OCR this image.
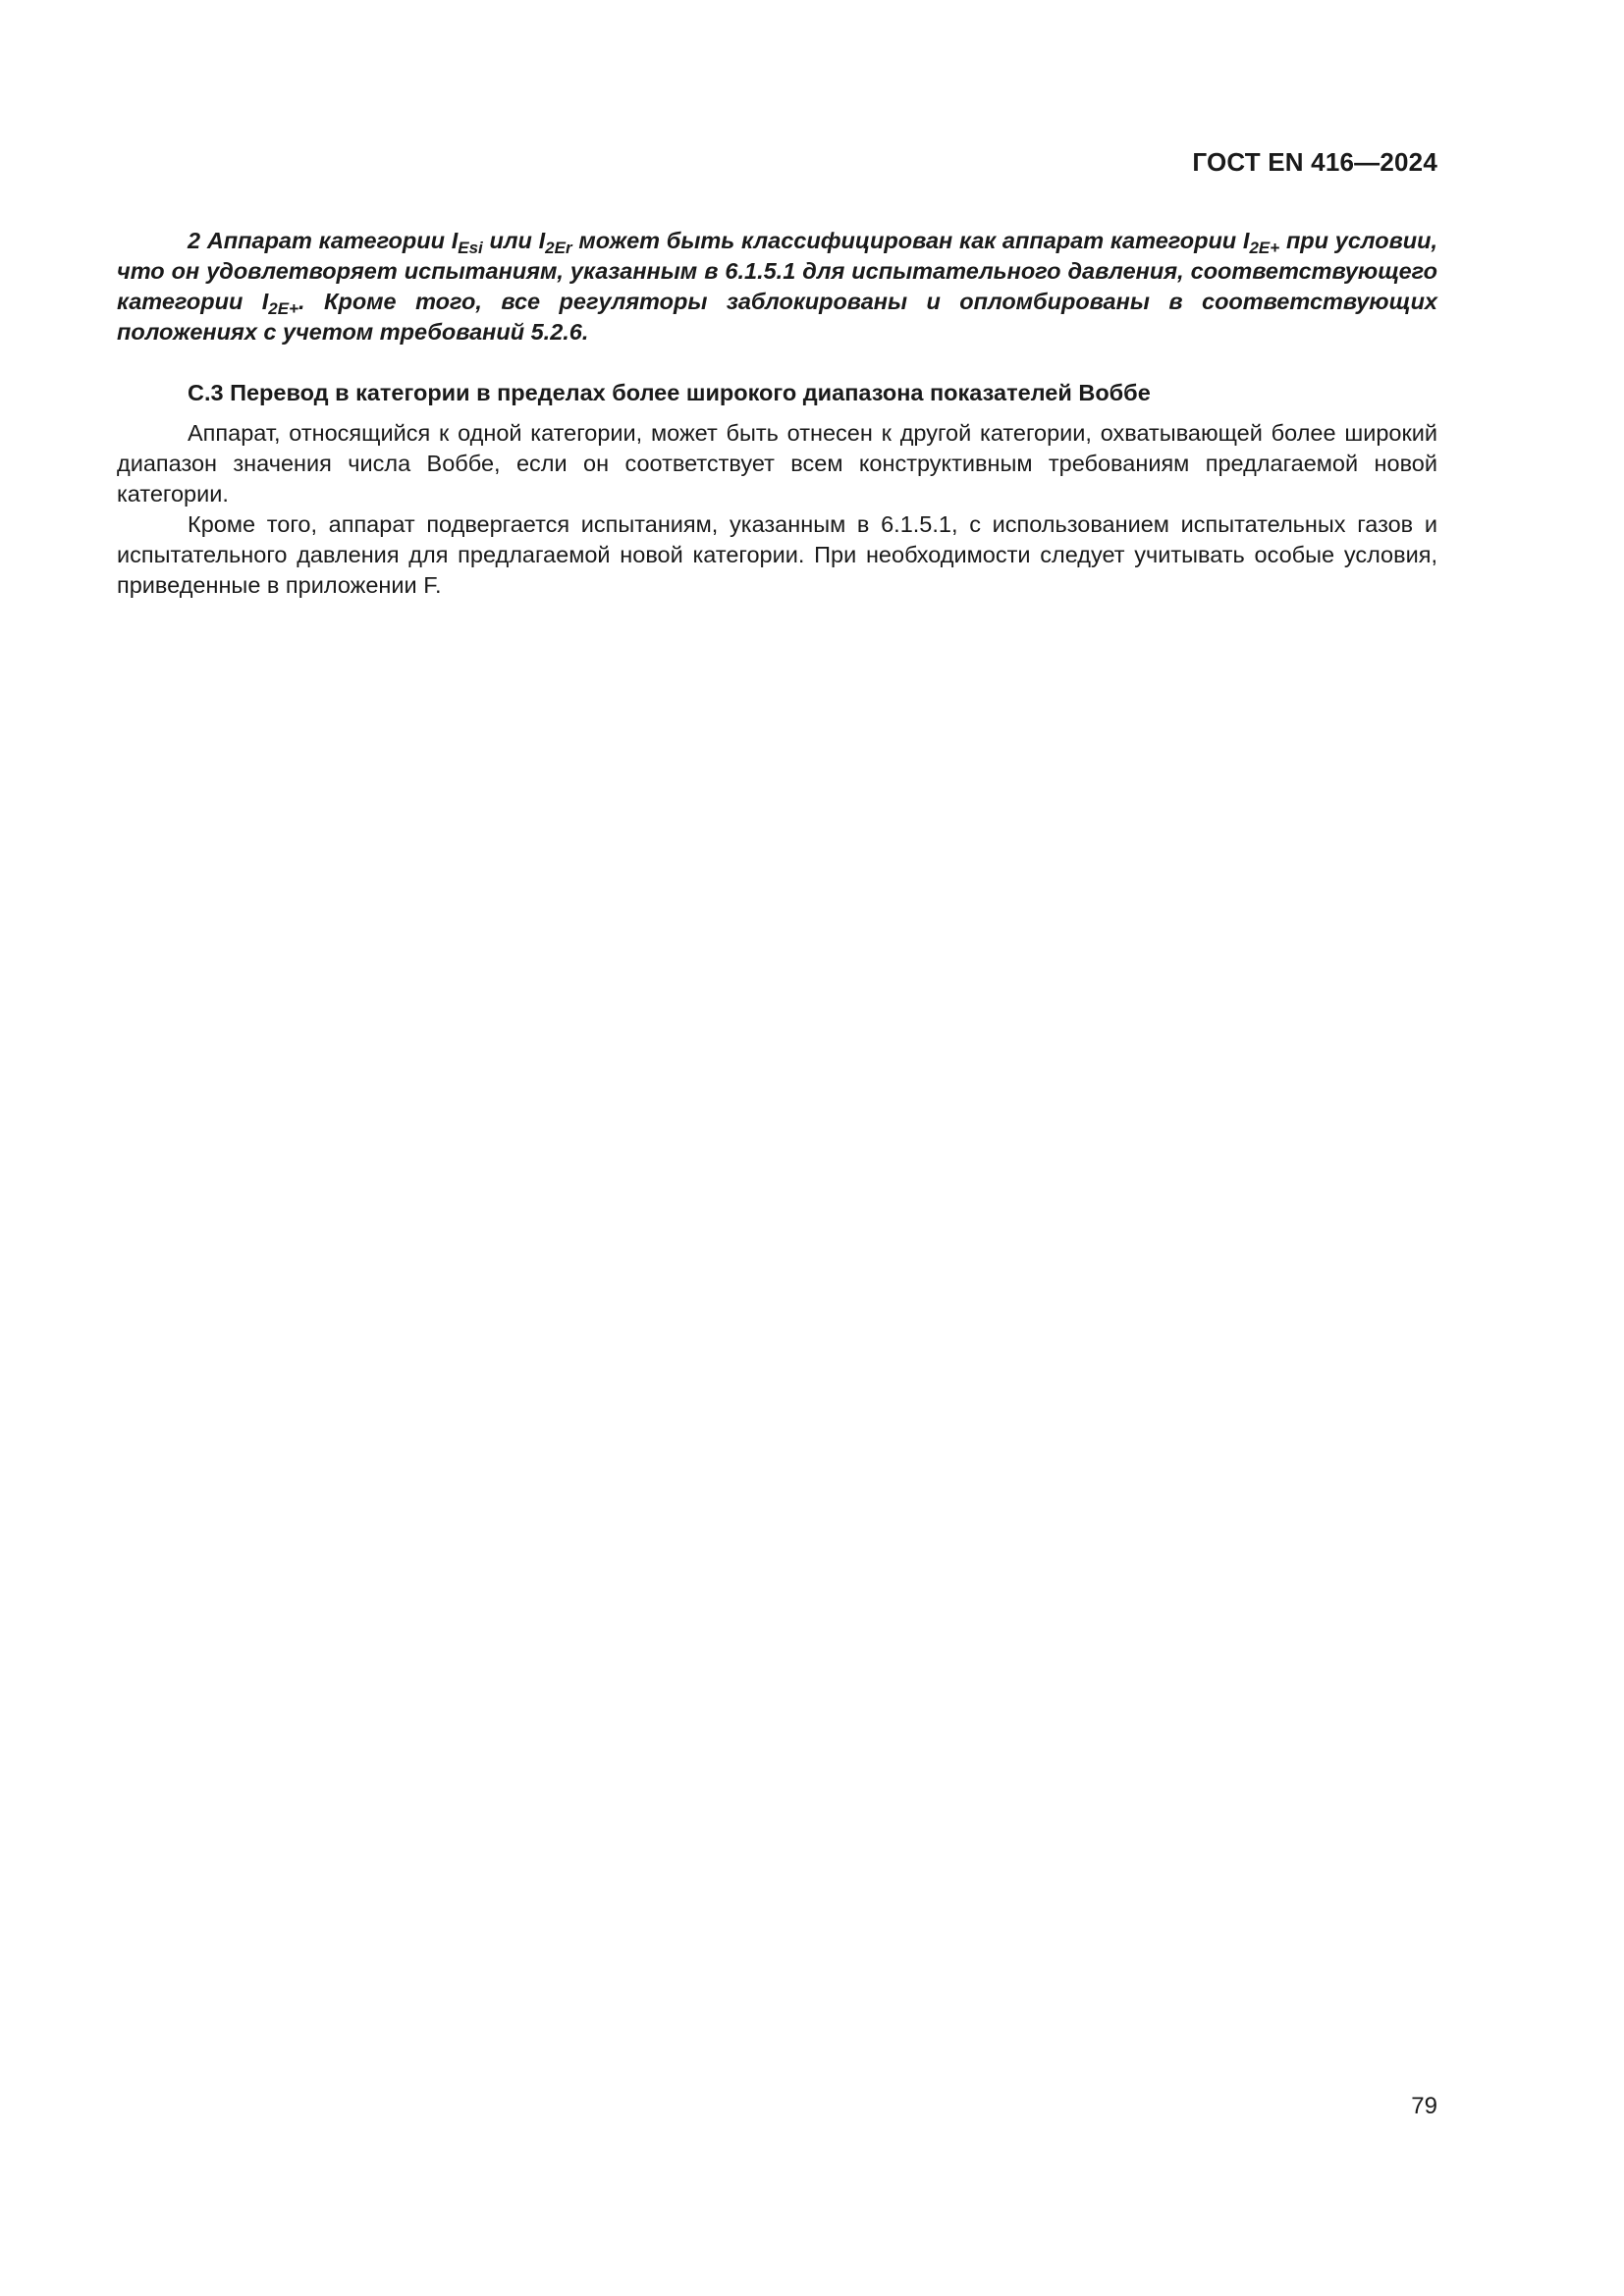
ГОСТ EN 416—2024

2 Аппарат категории $I_{Esi}$ или $I_{2Er}$ может быть классифицирован как аппарат категории $I_{2E+}$ при условии, что он удовлетворяет испытаниям, указанным в 6.1.5.1 для испытательного давления, соответствующего категории $I_{2E+}$. Кроме того, все регуляторы заблокированы и опломбированы в соответствующих положениях с учетом требований 5.2.6.

C.3 Перевод в категории в пределах более широкого диапазона показателей Воббе

Аппарат, относящийся к одной категории, может быть отнесен к другой категории, охватывающей более широкий диапазон значения числа Воббе, если он соответствует всем конструктивным требованиям предлагаемой новой категории.

Кроме того, аппарат подвергается испытаниям, указанным в 6.1.5.1, с использованием испытательных газов и испытательного давления для предлагаемой новой категории. При необходимости следует учитывать особые условия, приведенные в приложении F.

79
